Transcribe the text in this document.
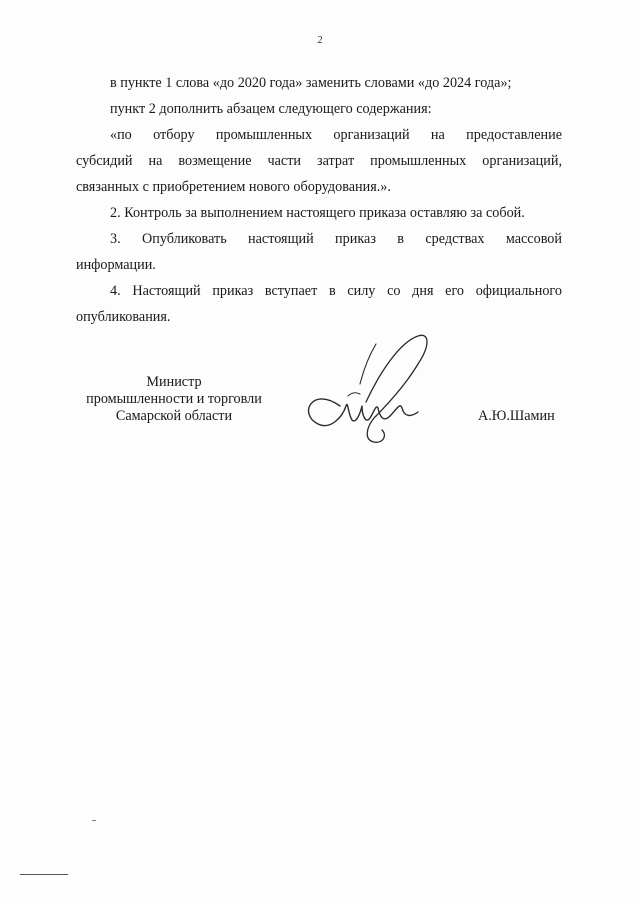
2

в пункте 1 слова «до 2020 года» заменить словами «до 2024 года»;

пункт 2 дополнить абзацем следующего содержания:

«по отбору промышленных организаций на предоставление

субсидий на возмещение части затрат промышленных организаций,

связанных с приобретением нового оборудования.».

2. Контроль за выполнением настоящего приказа оставляю за собой.

3. Опубликовать настоящий приказ в средствах массовой

информации.

4. Настоящий приказ вступает в силу со дня его официального

опубликования.

Министр
промышленности и торговли
Самарской области	А.Ю.Шамин
